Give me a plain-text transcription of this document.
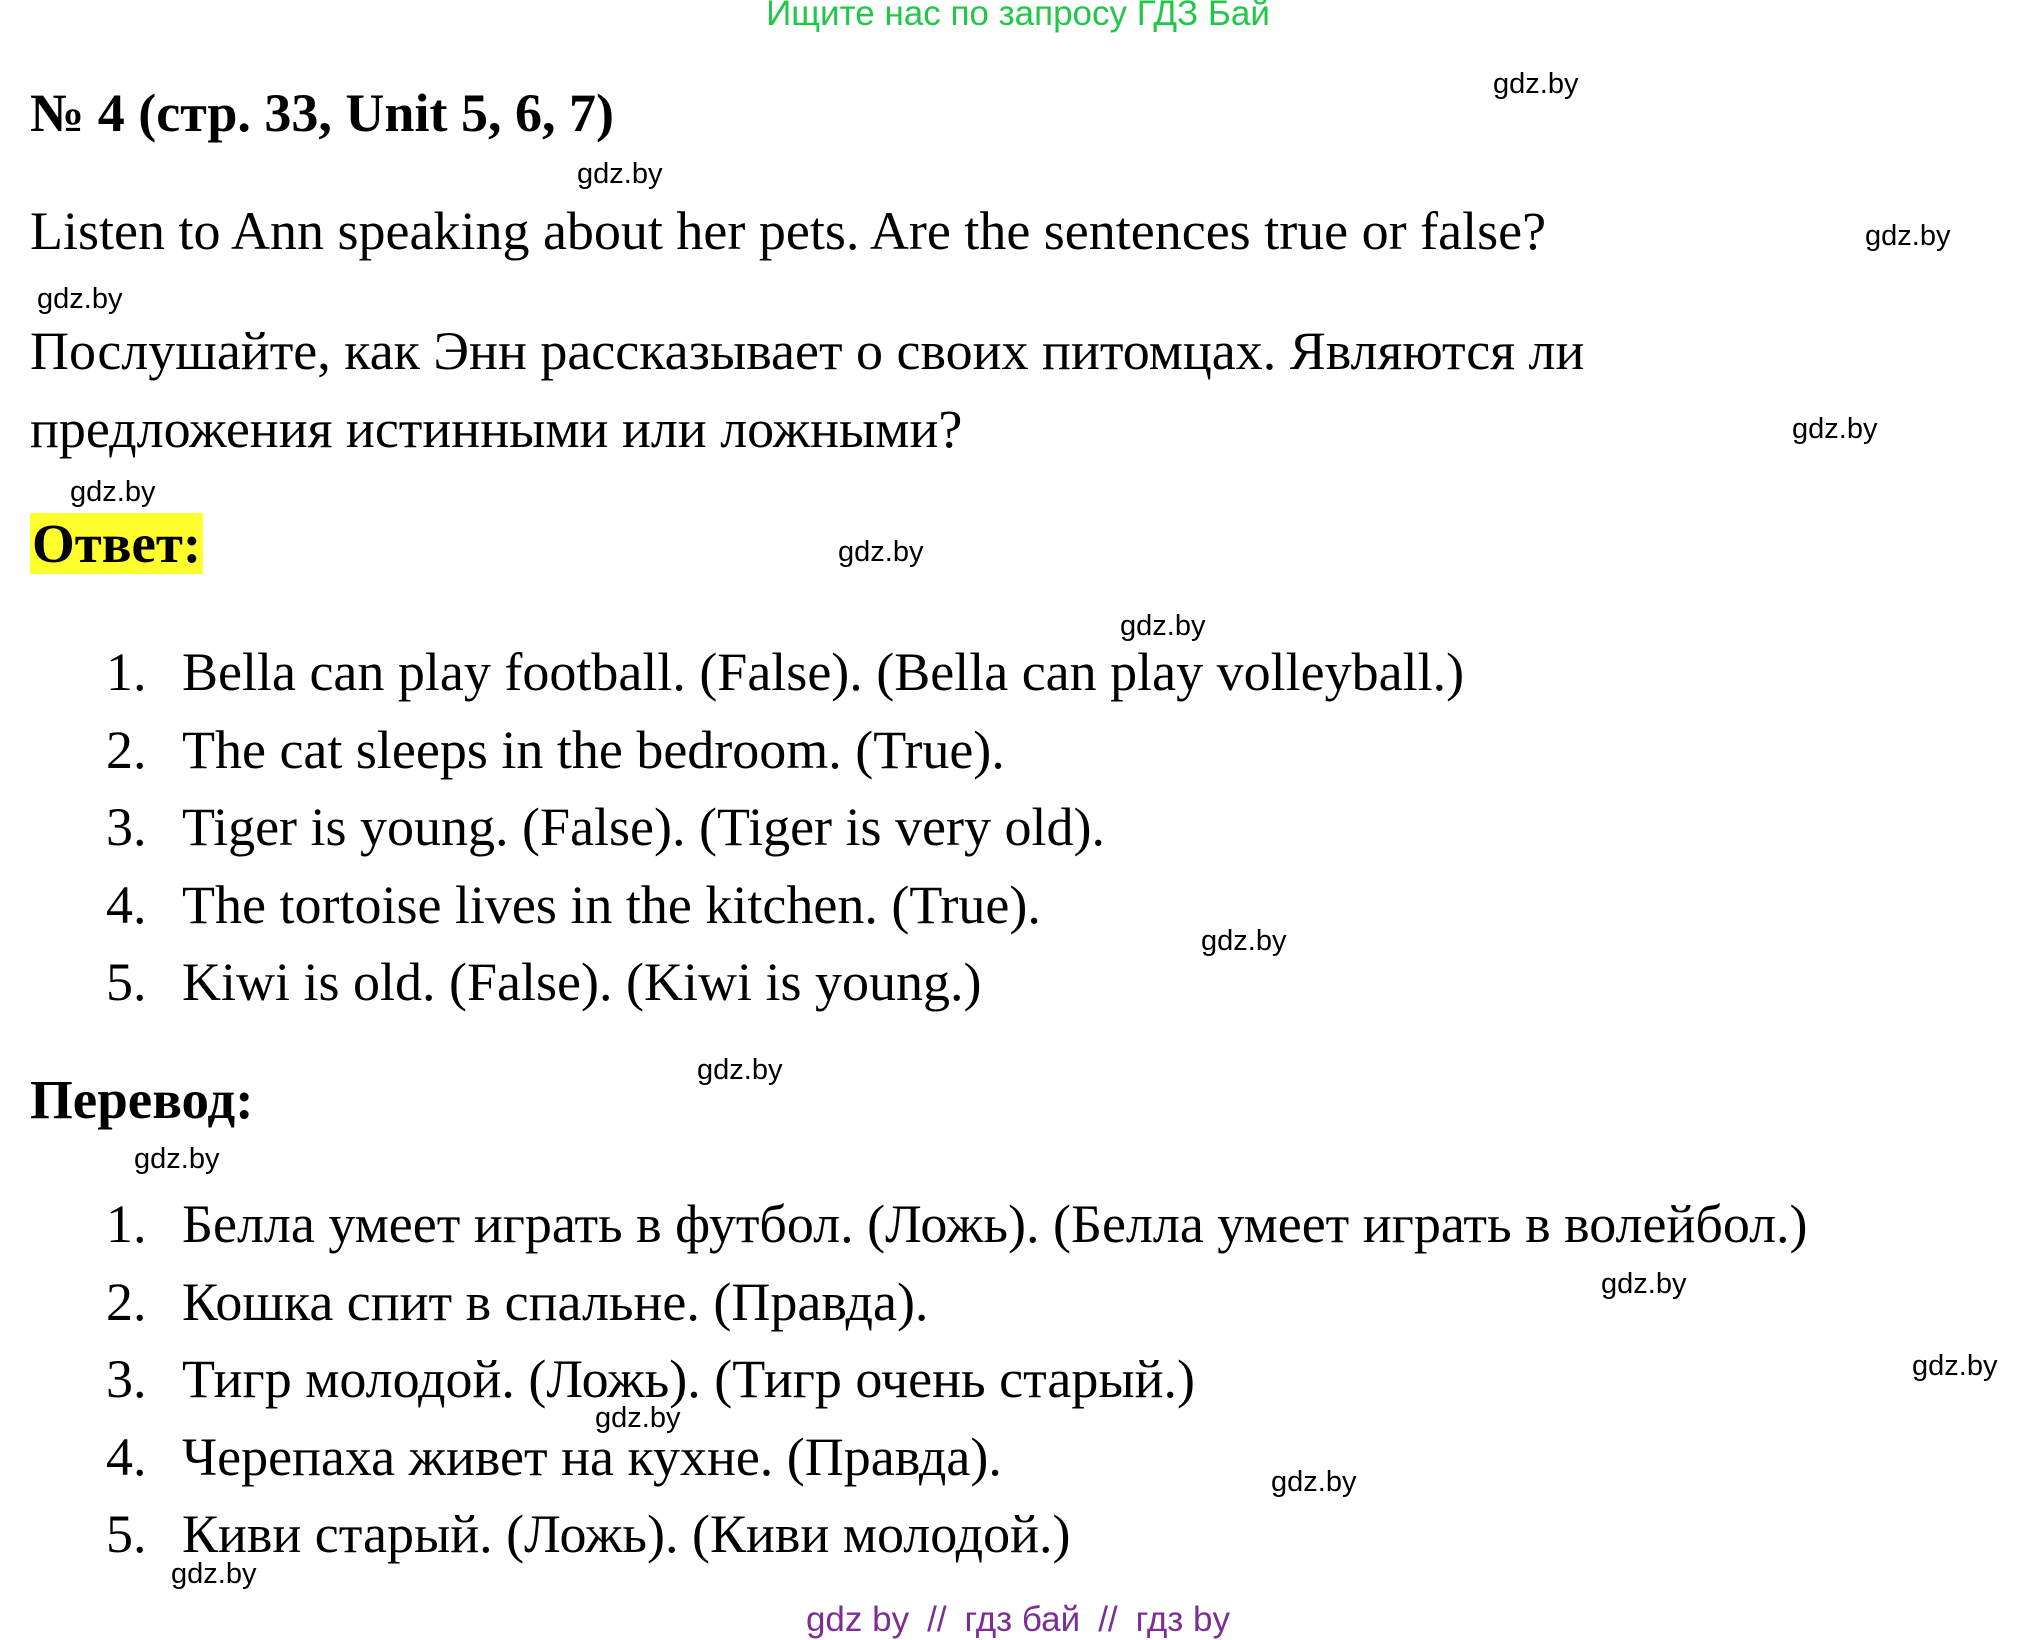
Ищите нас по запросу ГДЗ Бай
№ 4 (стр. 33, Unit 5, 6, 7)
Listen to Ann speaking about her pets. Are the sentences true or false?
Послушайте, как Энн рассказывает о своих питомцах. Являются ли
предложения истинными или ложными?
Ответ:
1. Bella can play football. (False). (Bella can play volleyball.)
2. The cat sleeps in the bedroom. (True).
3. Tiger is young. (False). (Tiger is very old).
4. The tortoise lives in the kitchen. (True).
5. Kiwi is old. (False). (Kiwi is young.)
Перевод:
1. Белла умеет играть в футбол. (Ложь). (Белла умеет играть в волейбол.)
2. Кошка спит в спальне. (Правда).
3. Тигр молодой. (Ложь). (Тигр очень старый.)
4. Черепаха живет на кухне. (Правда).
5. Киви старый. (Ложь). (Киви молодой.)
gdz.by
gdz.by
gdz.by
gdz.by
gdz.by
gdz.by
gdz.by
gdz.by
gdz.by
gdz.by
gdz.by
gdz.by
gdz.by
gdz.by
gdz.by
gdz.by
gdz by // гдз бай // гдз by
